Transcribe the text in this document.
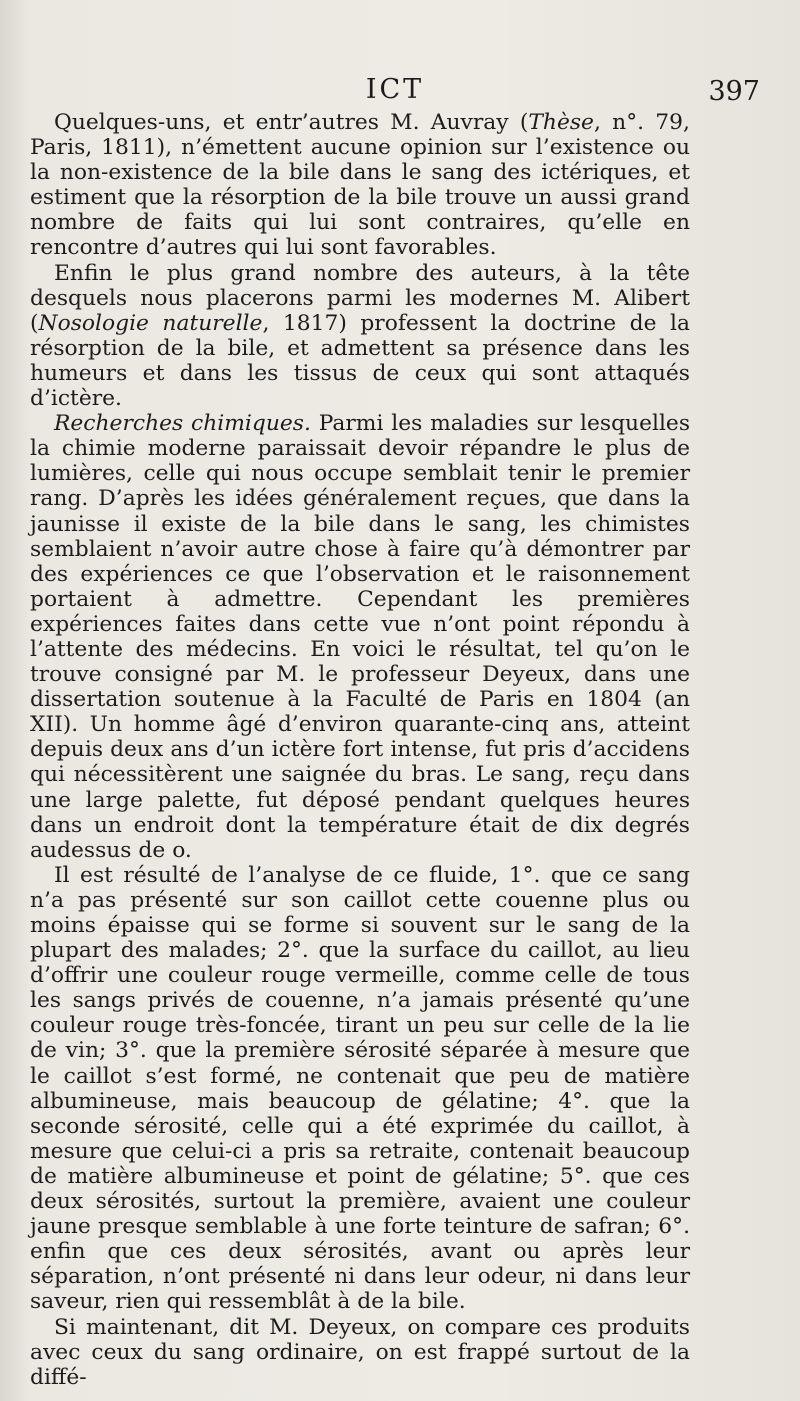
ICT	397

Quelques-uns, et entr’autres M. Auvray (Thèse, n°. 79, Paris, 1811), n’émettent aucune opinion sur l’existence ou la non-existence de la bile dans le sang des ictériques, et estiment que la résorption de la bile trouve un aussi grand nombre de faits qui lui sont contraires, qu’elle en rencontre d’autres qui lui sont favorables.

Enfin le plus grand nombre des auteurs, à la tête desquels nous placerons parmi les modernes M. Alibert (Nosologie naturelle, 1817) professent la doctrine de la résorption de la bile, et admettent sa présence dans les humeurs et dans les tissus de ceux qui sont attaqués d’ictère.

Recherches chimiques. Parmi les maladies sur lesquelles la chimie moderne paraissait devoir répandre le plus de lumières, celle qui nous occupe semblait tenir le premier rang. D’après les idées généralement reçues, que dans la jaunisse il existe de la bile dans le sang, les chimistes semblaient n’avoir autre chose à faire qu’à démontrer par des expériences ce que l’observation et le raisonnement portaient à admettre. Cependant les premières expériences faites dans cette vue n’ont point répondu à l’attente des médecins. En voici le résultat, tel qu’on le trouve consigné par M. le professeur Deyeux, dans une dissertation soutenue à la Faculté de Paris en 1804 (an XII). Un homme âgé d’environ quarante-cinq ans, atteint depuis deux ans d’un ictère fort intense, fut pris d’accidens qui nécessitèrent une saignée du bras. Le sang, reçu dans une large palette, fut déposé pendant quelques heures dans un endroit dont la température était de dix degrés audessus de o.

Il est résulté de l’analyse de ce fluide, 1°. que ce sang n’a pas présenté sur son caillot cette couenne plus ou moins épaisse qui se forme si souvent sur le sang de la plupart des malades; 2°. que la surface du caillot, au lieu d’offrir une couleur rouge vermeille, comme celle de tous les sangs privés de couenne, n’a jamais présenté qu’une couleur rouge très-foncée, tirant un peu sur celle de la lie de vin; 3°. que la première sérosité séparée à mesure que le caillot s’est formé, ne contenait que peu de matière albumineuse, mais beaucoup de gélatine; 4°. que la seconde sérosité, celle qui a été exprimée du caillot, à mesure que celui-ci a pris sa retraite, contenait beaucoup de matière albumineuse et point de gélatine; 5°. que ces deux sérosités, surtout la première, avaient une couleur jaune presque semblable à une forte teinture de safran; 6°. enfin que ces deux sérosités, avant ou après leur séparation, n’ont présenté ni dans leur odeur, ni dans leur saveur, rien qui ressemblât à de la bile.

Si maintenant, dit M. Deyeux, on compare ces produits avec ceux du sang ordinaire, on est frappé surtout de la diffé-
